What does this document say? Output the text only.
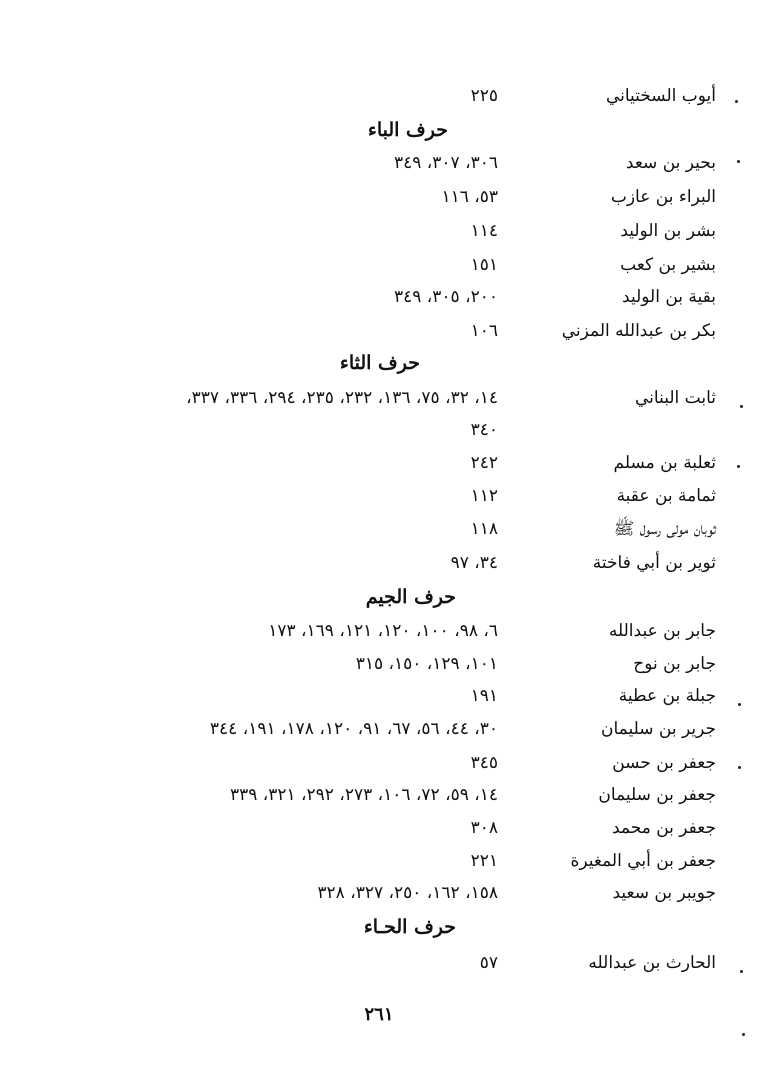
أيوب السختياني
٢٢٥
حرف الباء
بحير بن سعد
٣٠٦، ٣٠٧، ٣٤٩
البراء بن عازب
٥٣، ١١٦
بشر بن الوليد
١١٤
بشير بن كعب
١٥١
بقية بن الوليد
٢٠٠، ٣٠٥، ٣٤٩
بكر بن عبدالله المزني
١٠٦
حرف الثاء
ثابت البناني
١٤، ٣٢، ٧٥، ١٣٦، ٢٣٢، ٢٣٥، ٢٩٤، ٣٣٦، ٣٣٧،
٣٤٠
ثعلبة بن مسلم
٢٤٢
ثمامة بن عقبة
١١٢
ثوبان مولى رسول ﷺ
١١٨
ثوير بن أبي فاختة
٣٤، ٩٧
حرف الجيم
جابر بن عبدالله
٦، ٩٨، ١٠٠، ١٢٠، ١٢١، ١٦٩، ١٧٣
جابر بن نوح
١٠١، ١٢٩، ١٥٠، ٣١٥
جبلة بن عطية
١٩١
جرير بن سليمان
٣٠، ٤٤، ٥٦، ٦٧، ٩١، ١٢٠، ١٧٨، ١٩١، ٣٤٤
جعفر بن حسن
٣٤٥
جعفر بن سليمان
١٤، ٥٩، ٧٢، ١٠٦، ٢٧٣، ٢٩٢، ٣٢١، ٣٣٩
جعفر بن محمد
٣٠٨
جعفر بن أبي المغيرة
٢٢١
جويبر بن سعيد
١٥٨، ١٦٢، ٢٥٠، ٣٢٧، ٣٢٨
حرف الحـاء
الحارث بن عبدالله
٥٧
٢٦١
